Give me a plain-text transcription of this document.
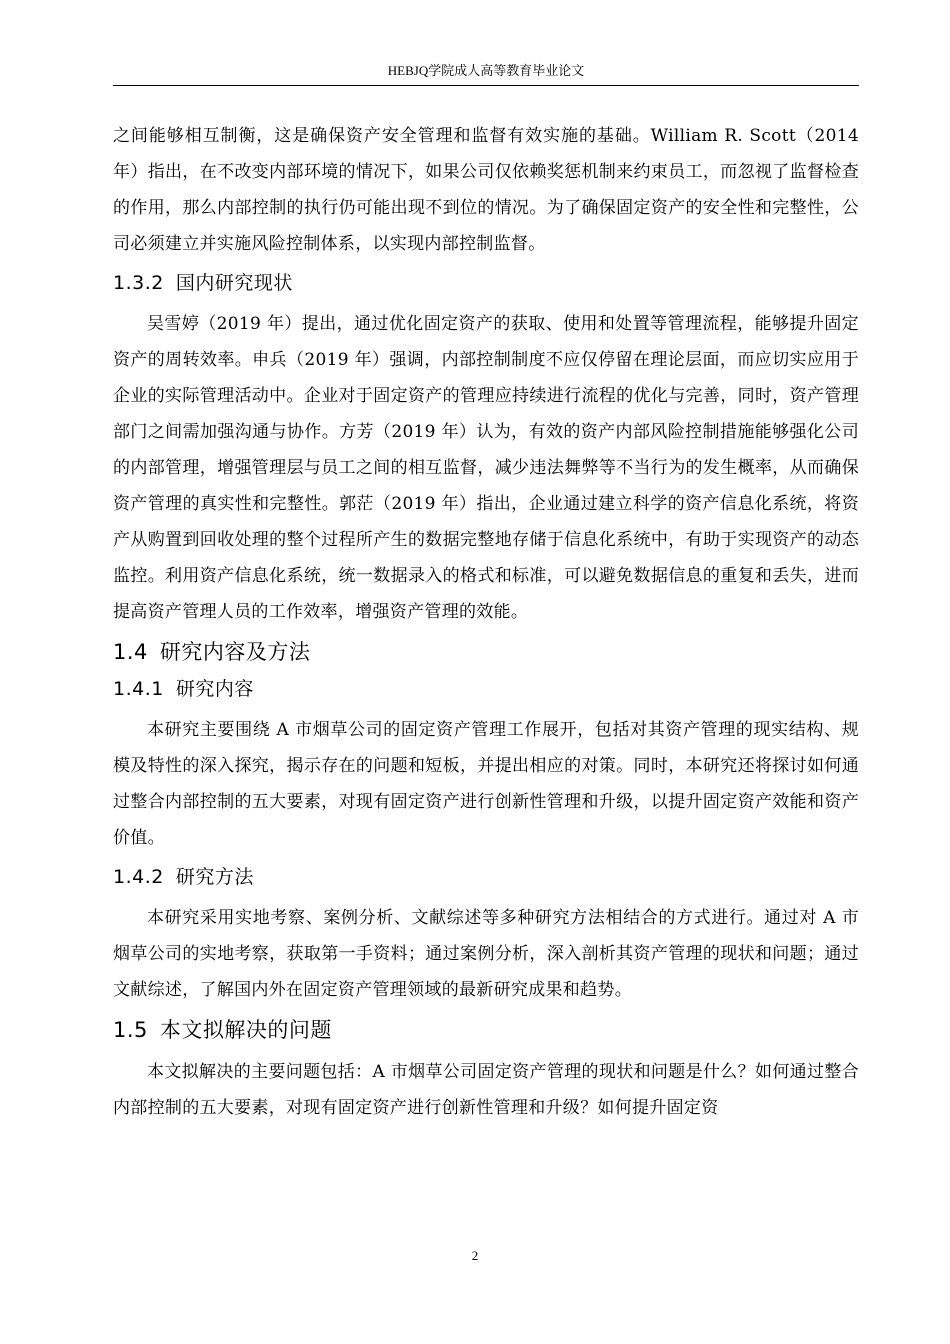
HEBJQ学院成人高等教育毕业论文

之间能够相互制衡，这是确保资产安全管理和监督有效实施的基础。William R. Scott（2014 年）指出，在不改变内部环境的情况下，如果公司仅依赖奖惩机制来约束员工，而忽视了监督检查的作用，那么内部控制的执行仍可能出现不到位的情况。为了确保固定资产的安全性和完整性，公司必须建立并实施风险控制体系，以实现内部控制监督。

1.3.2 国内研究现状

吴雪婷（2019 年）提出，通过优化固定资产的获取、使用和处置等管理流程，能够提升固定资产的周转效率。申兵（2019 年）强调，内部控制制度不应仅停留在理论层面，而应切实应用于企业的实际管理活动中。企业对于固定资产的管理应持续进行流程的优化与完善，同时，资产管理部门之间需加强沟通与协作。方芳（2019 年）认为，有效的资产内部风险控制措施能够强化公司的内部管理，增强管理层与员工之间的相互监督，减少违法舞弊等不当行为的发生概率，从而确保资产管理的真实性和完整性。郭茫（2019 年）指出，企业通过建立科学的资产信息化系统，将资产从购置到回收处理的整个过程所产生的数据完整地存储于信息化系统中，有助于实现资产的动态监控。利用资产信息化系统，统一数据录入的格式和标准，可以避免数据信息的重复和丢失，进而提高资产管理人员的工作效率，增强资产管理的效能。

1.4 研究内容及方法
1.4.1 研究内容

本研究主要围绕 A 市烟草公司的固定资产管理工作展开，包括对其资产管理的现实结构、规模及特性的深入探究，揭示存在的问题和短板，并提出相应的对策。同时，本研究还将探讨如何通过整合内部控制的五大要素，对现有固定资产进行创新性管理和升级，以提升固定资产效能和资产价值。

1.4.2 研究方法

本研究采用实地考察、案例分析、文献综述等多种研究方法相结合的方式进行。通过对 A 市烟草公司的实地考察，获取第一手资料；通过案例分析，深入剖析其资产管理的现状和问题；通过文献综述，了解国内外在固定资产管理领域的最新研究成果和趋势。

1.5 本文拟解决的问题

本文拟解决的主要问题包括：A 市烟草公司固定资产管理的现状和问题是什么？如何通过整合内部控制的五大要素，对现有固定资产进行创新性管理和升级？如何提升固定资

2
